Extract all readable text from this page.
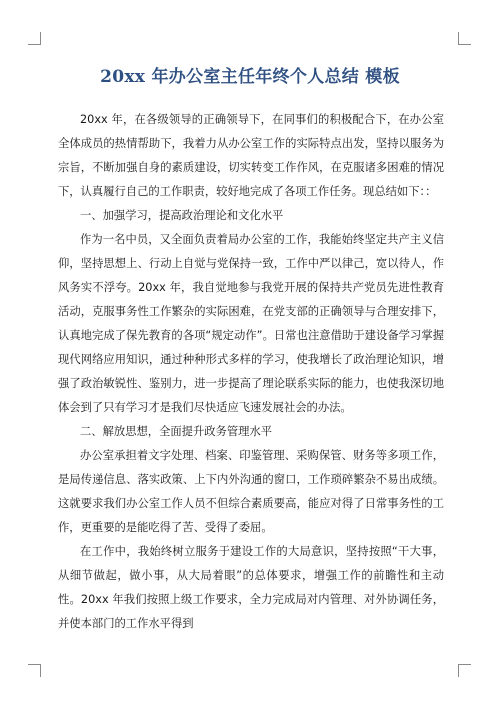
20xx 年办公室主任年终个人总结 模板

20xx 年，在各级领导的正确领导下，在同事们的积极配合下，在办公室全体成员的热情帮助下，我着力从办公室工作的实际特点出发，坚持以服务为宗旨，不断加强自身的素质建设，切实转变工作作风，在克服诸多困难的情况下，认真履行自己的工作职责，较好地完成了各项工作任务。现总结如下：：

一、加强学习，提高政治理论和文化水平

作为一名中员，又全面负责着局办公室的工作，我能始终坚定共产主义信仰，坚持思想上、行动上自觉与党保持一致，工作中严以律己，宽以待人，作风务实不浮夸。20xx 年，我自觉地参与我党开展的保持共产党员先进性教育活动，克服事务性工作繁杂的实际困难，在党支部的正确领导与合理安排下，认真地完成了保先教育的各项“规定动作”。日常也注意借助于建设备学习掌握现代网络应用知识，通过种种形式多样的学习，使我增长了政治理论知识，增强了政治敏锐性、鉴别力，进一步提高了理论联系实际的能力，也使我深切地体会到了只有学习才是我们尽快适应飞速发展社会的办法。

二、解放思想，全面提升政务管理水平

办公室承担着文字处理、档案、印鉴管理、采购保管、财务等多项工作，是局传递信息、落实政策、上下内外沟通的窗口，工作琐碎繁杂不易出成绩。这就要求我们办公室工作人员不但综合素质要高，能应对得了日常事务性的工作，更重要的是能吃得了苦、受得了委屈。

在工作中，我始终树立服务于建设工作的大局意识，坚持按照“干大事，从细节做起，做小事，从大局着眼”的总体要求，增强工作的前瞻性和主动性。20xx 年我们按照上级工作要求，全力完成局对内管理、对外协调任务，并使本部门的工作水平得到
